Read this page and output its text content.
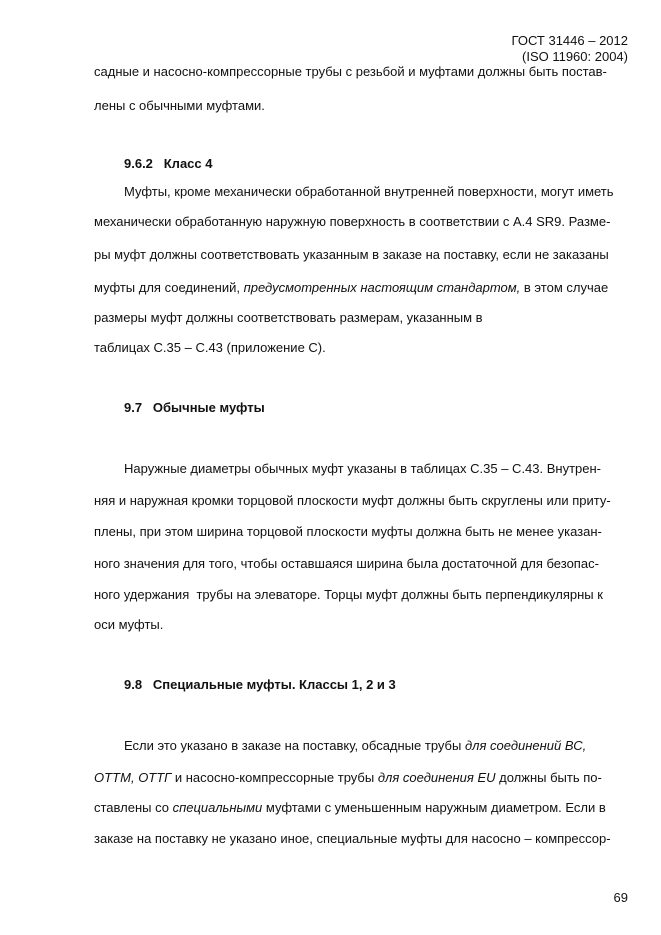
ГОСТ 31446 – 2012
(ISO 11960: 2004)
садные и насосно-компрессорные трубы с резьбой и муфтами должны быть постав-
лены с обычными муфтами.
9.6.2   Класс 4
Муфты, кроме механически обработанной внутренней поверхности, могут иметь
механически обработанную наружную поверхность в соответствии с А.4 SR9. Разме-
ры муфт должны соответствовать указанным в заказе на поставку, если не заказаны
муфты для соединений, предусмотренных настоящим стандартом, в этом случае
размеры муфт должны соответствовать размерам, указанным в
таблицах С.35 – С.43 (приложение С).
9.7   Обычные муфты
Наружные диаметры обычных муфт указаны в таблицах С.35 – С.43. Внутрен-
няя и наружная кромки торцовой плоскости муфт должны быть скруглены или приту-
плены, при этом ширина торцовой плоскости муфты должна быть не менее указан-
ного значения для того, чтобы оставшаяся ширина была достаточной для безопас-
ного удержания  трубы на элеваторе. Торцы муфт должны быть перпендикулярны к
оси муфты.
9.8   Специальные муфты. Классы 1, 2 и 3
Если это указано в заказе на поставку, обсадные трубы для соединений ВС,
ОТТМ, ОТТГ и насосно-компрессорные трубы для соединения EU должны быть по-
ставлены со специальными муфтами с уменьшенным наружным диаметром. Если в
заказе на поставку не указано иное, специальные муфты для насосно – компрессор-
69
